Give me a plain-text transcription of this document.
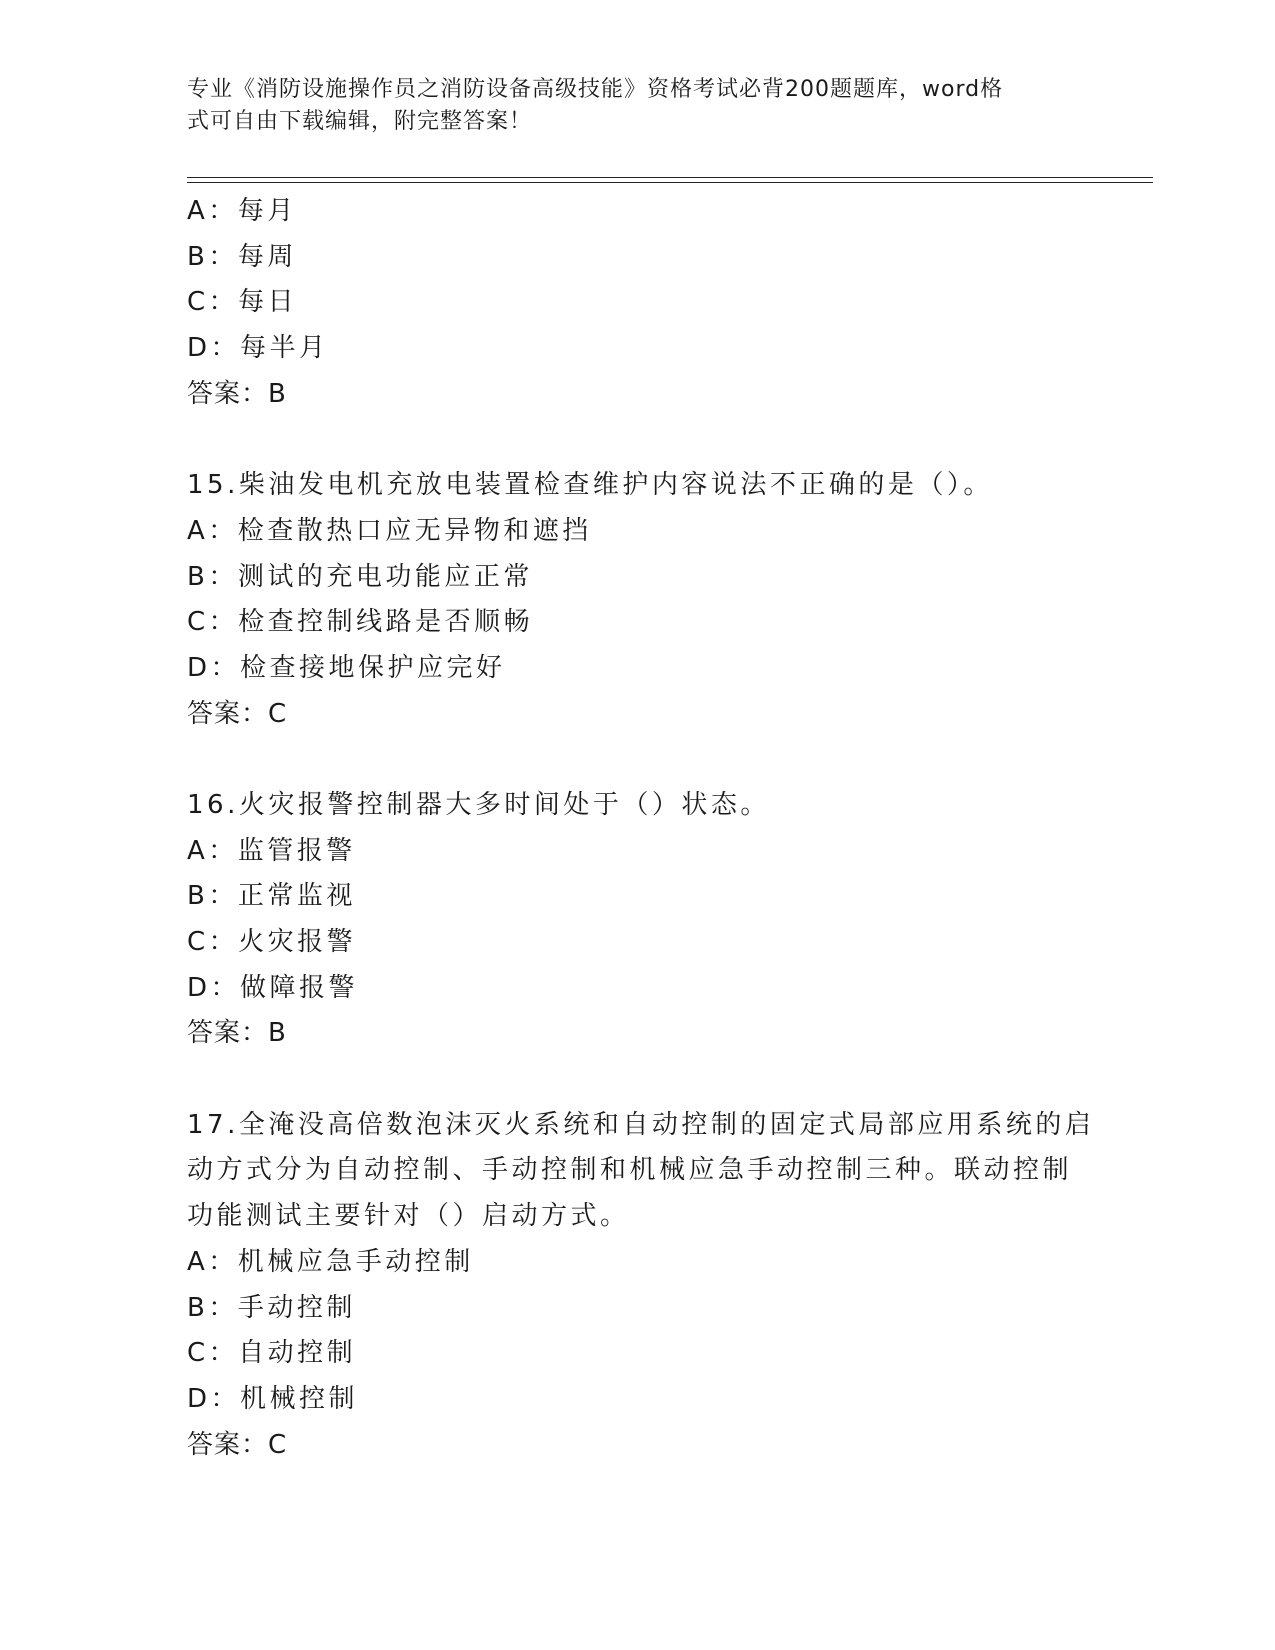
专业《消防设施操作员之消防设备高级技能》资格考试必背200题题库，word格
式可自由下载编辑，附完整答案！
A：每月
B：每周
C：每日
D：每半月
答案：B
15.柴油发电机充放电装置检查维护内容说法不正确的是（）。
A：检查散热口应无异物和遮挡
B：测试的充电功能应正常
C：检查控制线路是否顺畅
D：检查接地保护应完好
答案：C
16.火灾报警控制器大多时间处于（）状态。
A：监管报警
B：正常监视
C：火灾报警
D：做障报警
答案：B
17.全淹没高倍数泡沫灭火系统和自动控制的固定式局部应用系统的启
动方式分为自动控制、手动控制和机械应急手动控制三种。联动控制
功能测试主要针对（）启动方式。
A：机械应急手动控制
B：手动控制
C：自动控制
D：机械控制
答案：C
